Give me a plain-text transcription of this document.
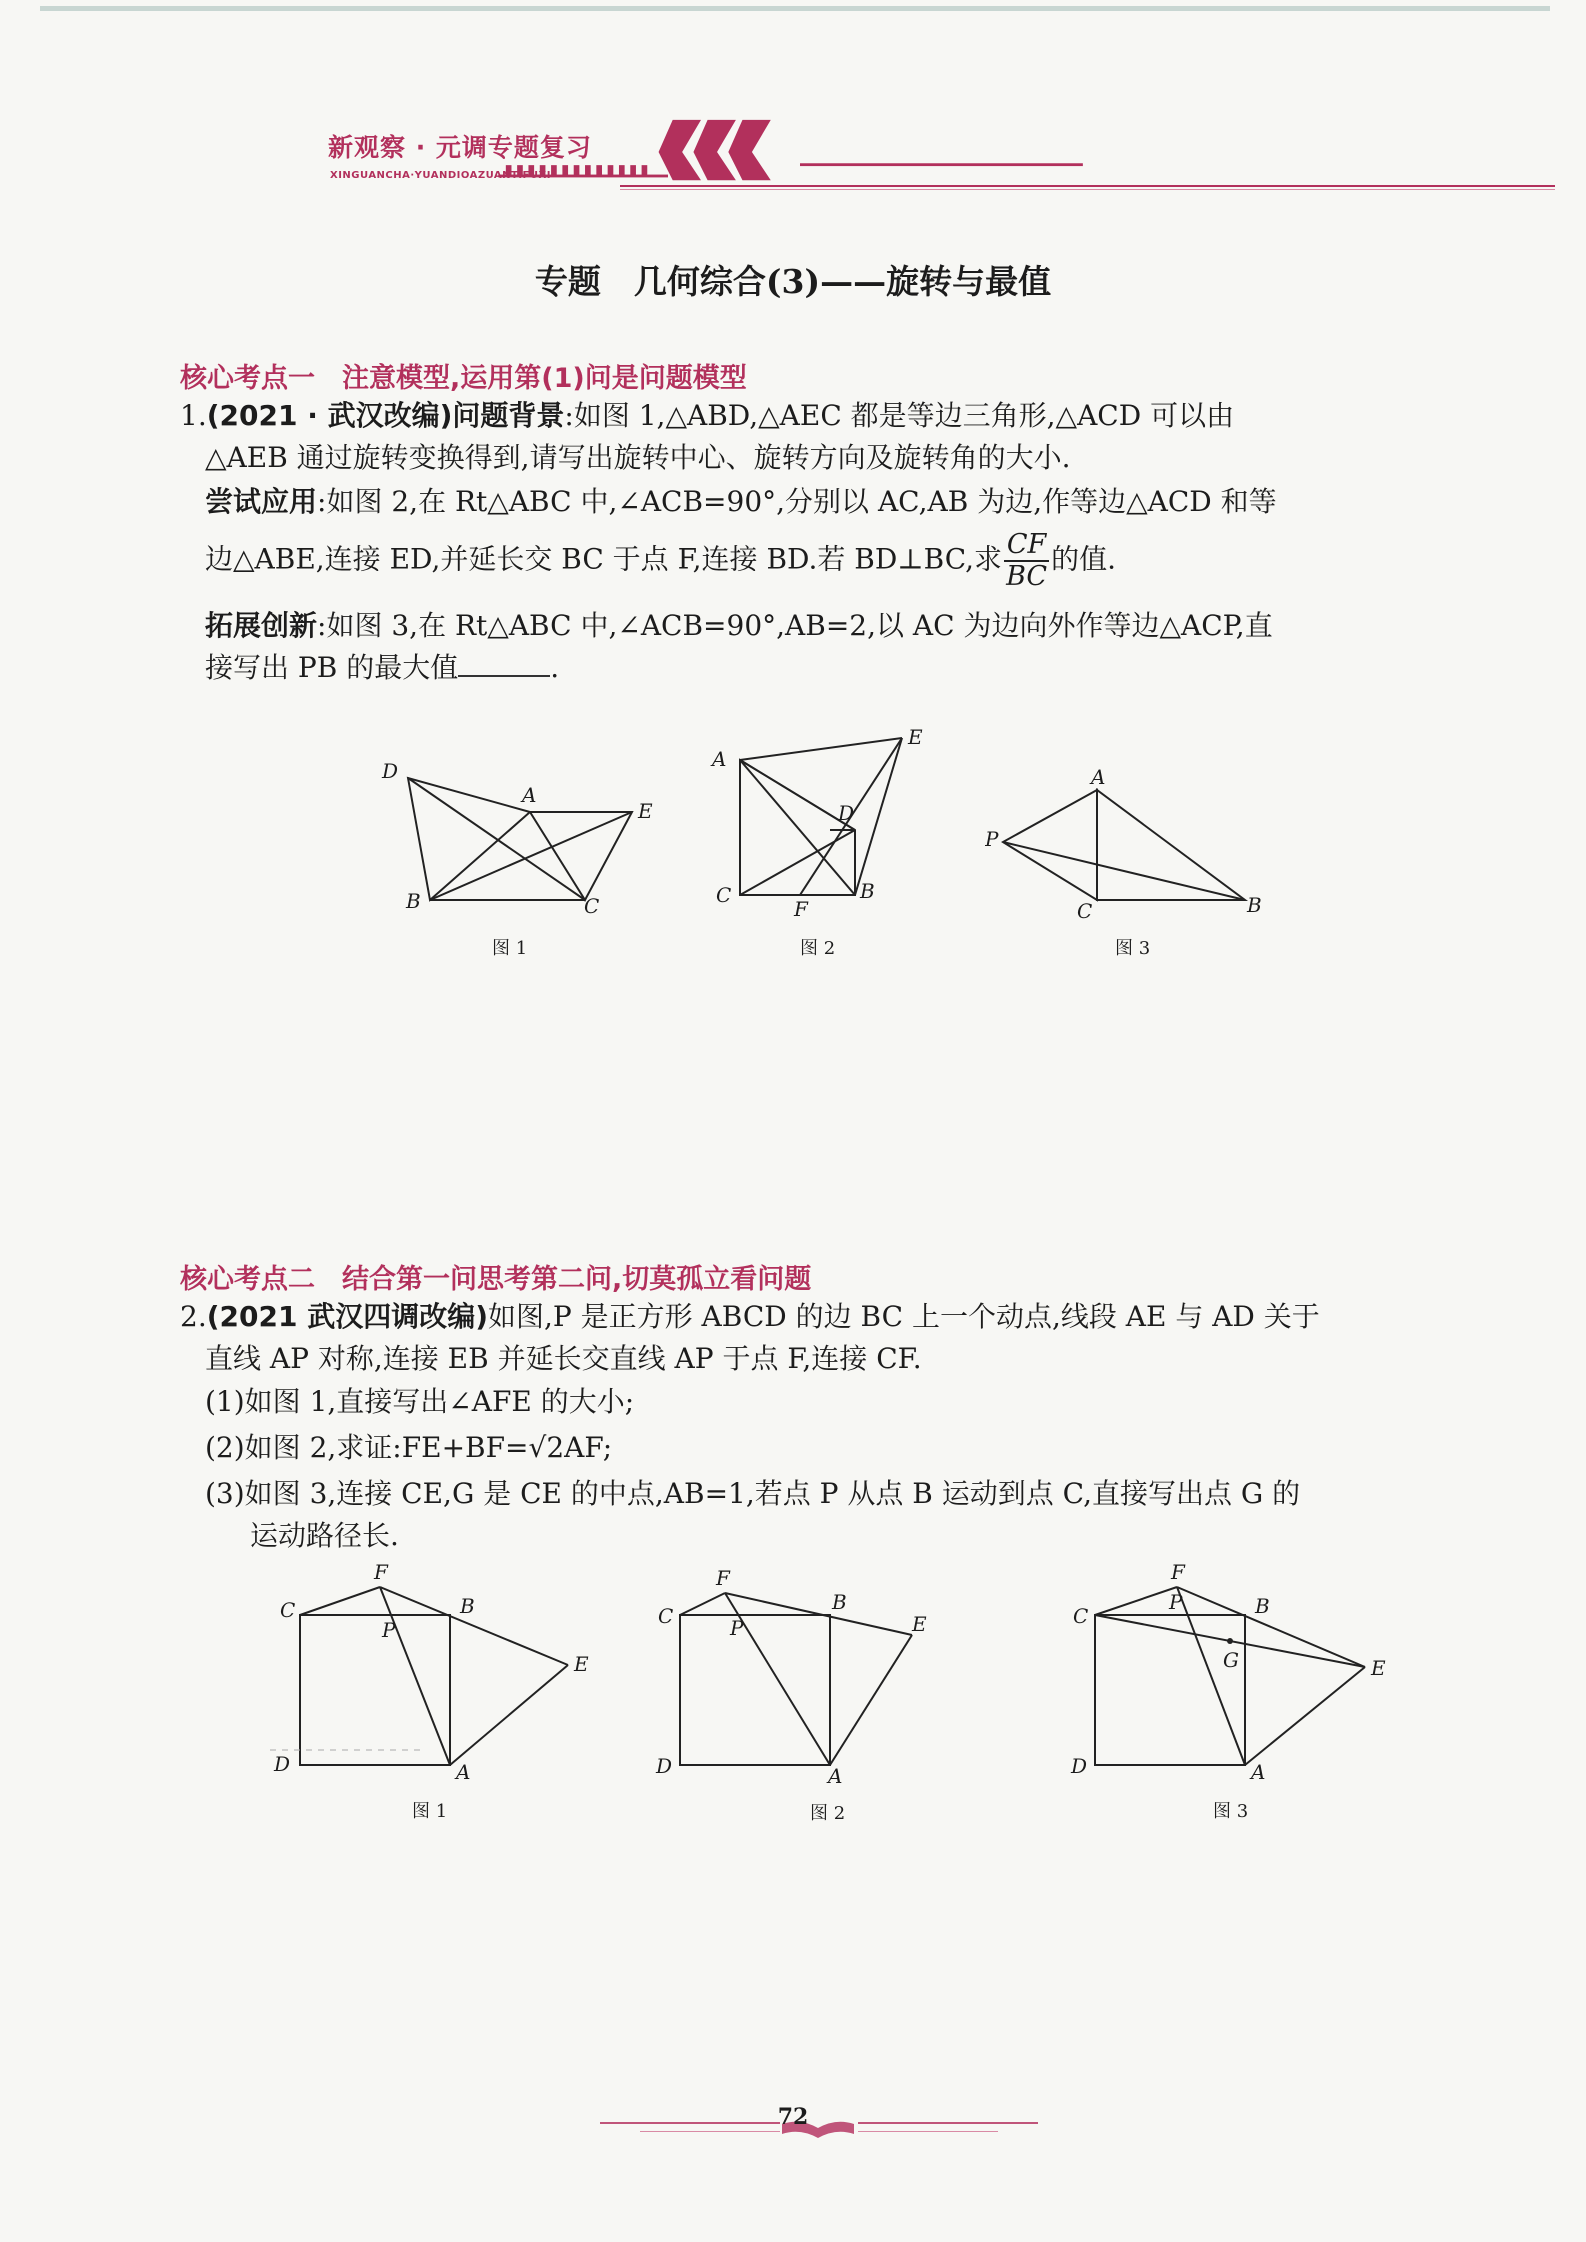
新观察 · 元调专题复习
XINGUANCHA·YUANDIOAZUANTIFUXI
专题　几何综合(3)——旋转与最值
核心考点一　注意模型,运用第(1)问是问题模型
1.(2021 · 武汉改编)问题背景:如图 1,△ABD,△AEC 都是等边三角形,△ACD 可以由
△AEB 通过旋转变换得到,请写出旋转中心、旋转方向及旋转角的大小.
尝试应用:如图 2,在 Rt△ABC 中,∠ACB=90°,分别以 AC,AB 为边,作等边△ACD 和等
边△ABE,连接 ED,并延长交 BC 于点 F,连接 BD.若 BD⊥BC,求 $\frac{CF}{BC}$ 的值.
拓展创新:如图 3,在 Rt△ABC 中,∠ACB=90°,AB=2,以 AC 为边向外作等边△ACP,直
接写出 PB 的最大值	.
D
A
E
B	C
图 1
A
E
D
C
F
B
图 2
A
P
C	B
图 3
核心考点二　结合第一问思考第二问,切莫孤立看问题
2.(2021 武汉四调改编)如图,P 是正方形 ABCD 的边 BC 上一个动点,线段 AE 与 AD 关于
直线 AP 对称,连接 EB 并延长交直线 AP 于点 F,连接 CF.
(1)如图 1,直接写出∠AFE 的大小;
(2)如图 2,求证:FE+BF=√2AF;
(3)如图 3,连接 CE,G 是 CE 的中点,AB=1,若点 P 从点 B 运动到点 C,直接写出点 G 的
运动路径长.
F
C	B
P
E
D	A
图 1
F
C
B
P	E
D	A
图 2
F
C
P	B
G	E
D	A
图 3
72
